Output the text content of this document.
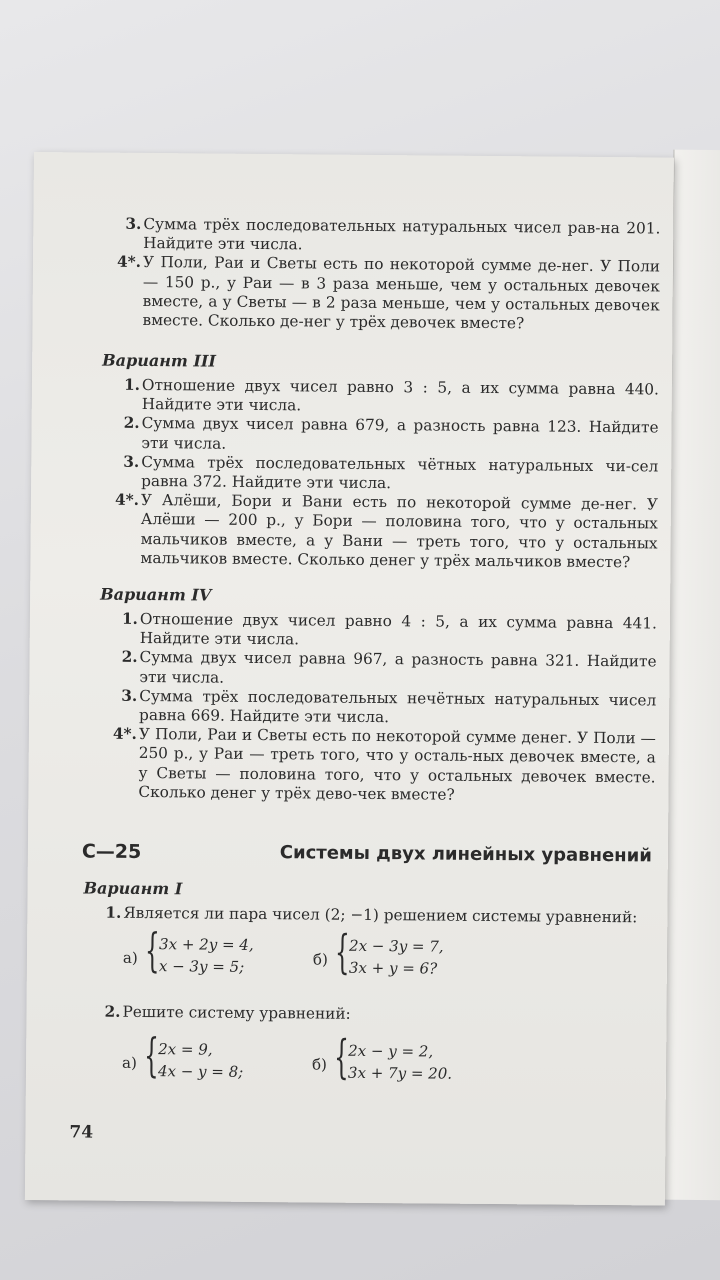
3. Сумма трёх последовательных натуральных чисел рав-на 201. Найдите эти числа.
4*. У Поли, Раи и Светы есть по некоторой сумме де-нег. У Поли — 150 р., у Раи — в 3 раза меньше, чем у остальных девочек вместе, а у Светы — в 2 раза меньше, чем у остальных девочек вместе. Сколько де-нег у трёх девочек вместе?
Вариант III
1. Отношение двух чисел равно 3 : 5, а их сумма равна 440. Найдите эти числа.
2. Сумма двух чисел равна 679, а разность равна 123. Найдите эти числа.
3. Сумма трёх последовательных чётных натуральных чи-сел равна 372. Найдите эти числа.
4*. У Алёши, Бори и Вани есть по некоторой сумме де-нег. У Алёши — 200 р., у Бори — половина того, что у остальных мальчиков вместе, а у Вани — треть того, что у остальных мальчиков вместе. Сколько денег у трёх мальчиков вместе?
Вариант IV
1. Отношение двух чисел равно 4 : 5, а их сумма равна 441. Найдите эти числа.
2. Сумма двух чисел равна 967, а разность равна 321. Найдите эти числа.
3. Сумма трёх последовательных нечётных натуральных чисел равна 669. Найдите эти числа.
4*. У Поли, Раи и Светы есть по некоторой сумме денег. У Поли — 250 р., у Раи — треть того, что у осталь-ных девочек вместе, а у Светы — половина того, что у остальных девочек вместе. Сколько денег у трёх дево-чек вместе?
С—25	Системы двух линейных уравнений
Вариант I
1. Является ли пара чисел (2; −1) решением системы уравнений:
а) { 3x + 2y = 4,
x − 3y = 5;	б) { 2x − 3y = 7,
3x + y = 6?
2. Решите систему уравнений:
а) { 2x = 9,
4x − y = 8;	б) { 2x − y = 2,
3x + 7y = 20.
74
